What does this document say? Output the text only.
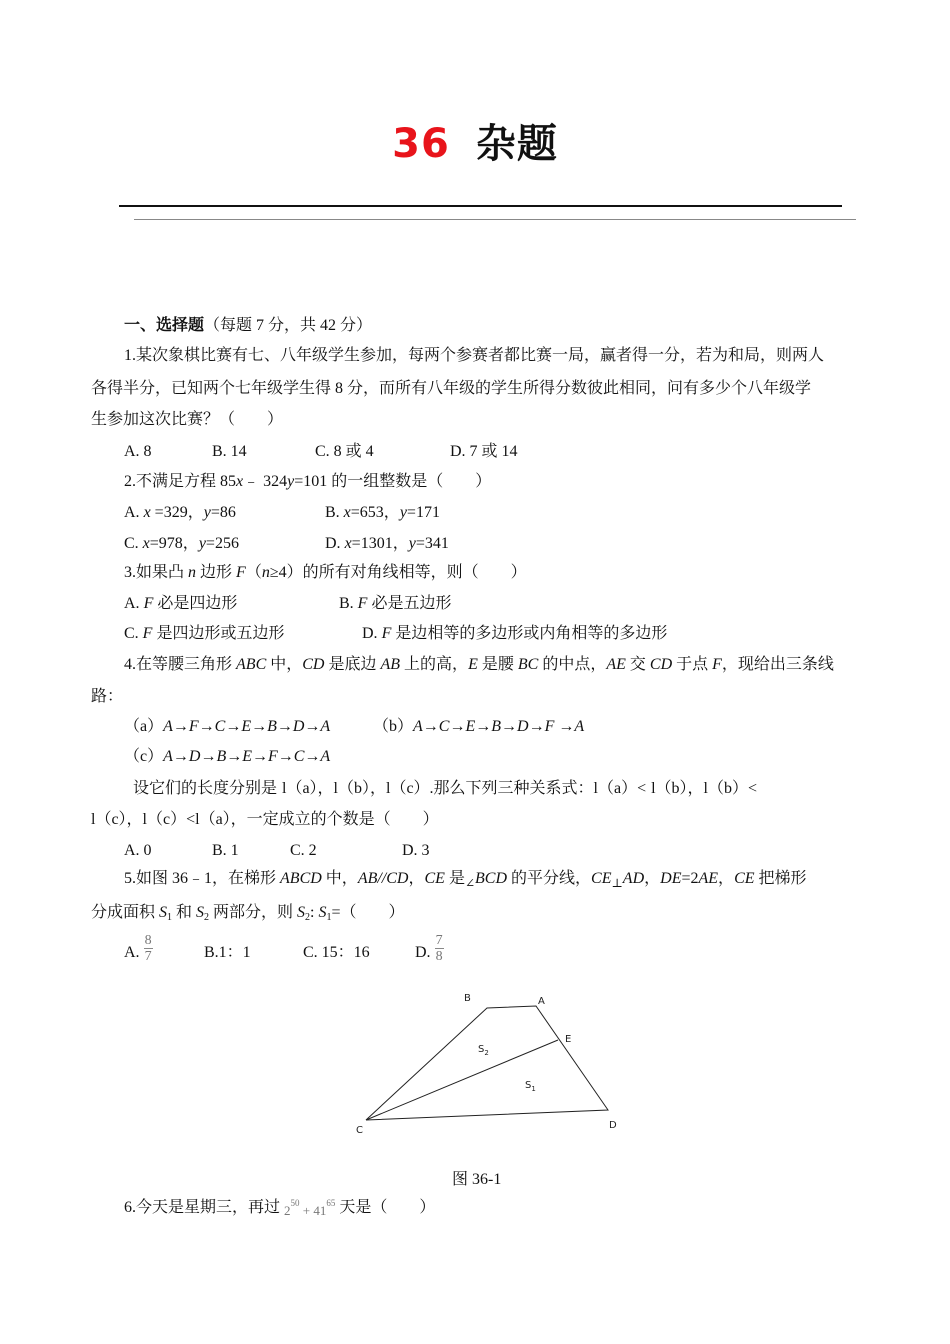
36 杂题
一、选择题（每题 7 分，共 42 分）
1.某次象棋比赛有七、八年级学生参加，每两个参赛者都比赛一局，赢者得一分，若为和局，则两人
各得半分，已知两个七年级学生得 8 分，而所有八年级的学生所得分数彼此相同，问有多少个八年级学
生参加这次比赛？（　　）
A. 8	B. 14	C. 8 或 4	D. 7 或 14
2.不满足方程 85x﹣ 324y=101 的一组整数是（　　）
A. x =329，y=86	B. x=653，y=171
C. x=978，y=256	D. x=1301，y=341
3.如果凸 n 边形 F（n≥4）的所有对角线相等，则（　　）
A. F 必是四边形	B. F 必是五边形
C. F 是四边形或五边形	D. F 是边相等的多边形或内角相等的多边形
4.在等腰三角形 ABC 中，CD 是底边 AB 上的高，E 是腰 BC 的中点，AE 交 CD 于点 F，现给出三条线
路：
（a）A→F→C→E→B→D→A	（b）A→C→E→B→D→F →A
（c）A→D→B→E→F→C→A
设它们的长度分别是 l（a），l（b），l（c）.那么下列三种关系式：l（a）< l（b），l（b）<
l（c），l（c）<l（a），一定成立的个数是（　　）
A. 0	B. 1	C. 2	D. 3
5.如图 36﹣1，在梯形 ABCD 中，AB//CD，CE 是$_\angle$BCD 的平分线，$CE_\perp AD$，DE=2AE，CE 把梯形
分成面积 $S_1$ 和 $S_2$ 两部分，则 $S_2$: $S_1=$（　　）
A. $\frac{8}{7}$	B.1：1	C. 15：16	D. $\frac{7}{8}$
B	A
E
C	D
$S_2$
$S_1$
图 36-1
6.今天是星期三，再过 $2^{50} + 41^{65}$ 天是（　　）
